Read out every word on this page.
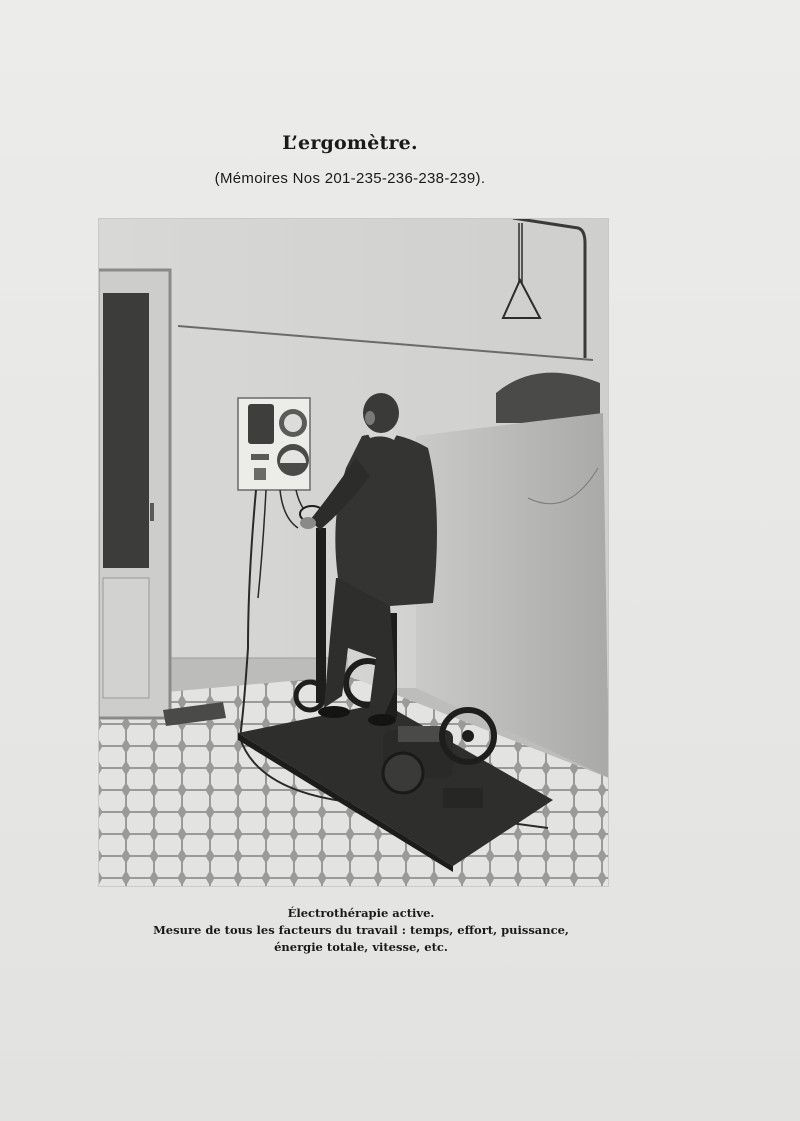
L’ergomètre.
(Mémoires Nos 201-235-236-238-239).
Électrothérapie active.
Mesure de tous les facteurs du travail : temps, effort, puissance,
énergie totale, vitesse, etc.
